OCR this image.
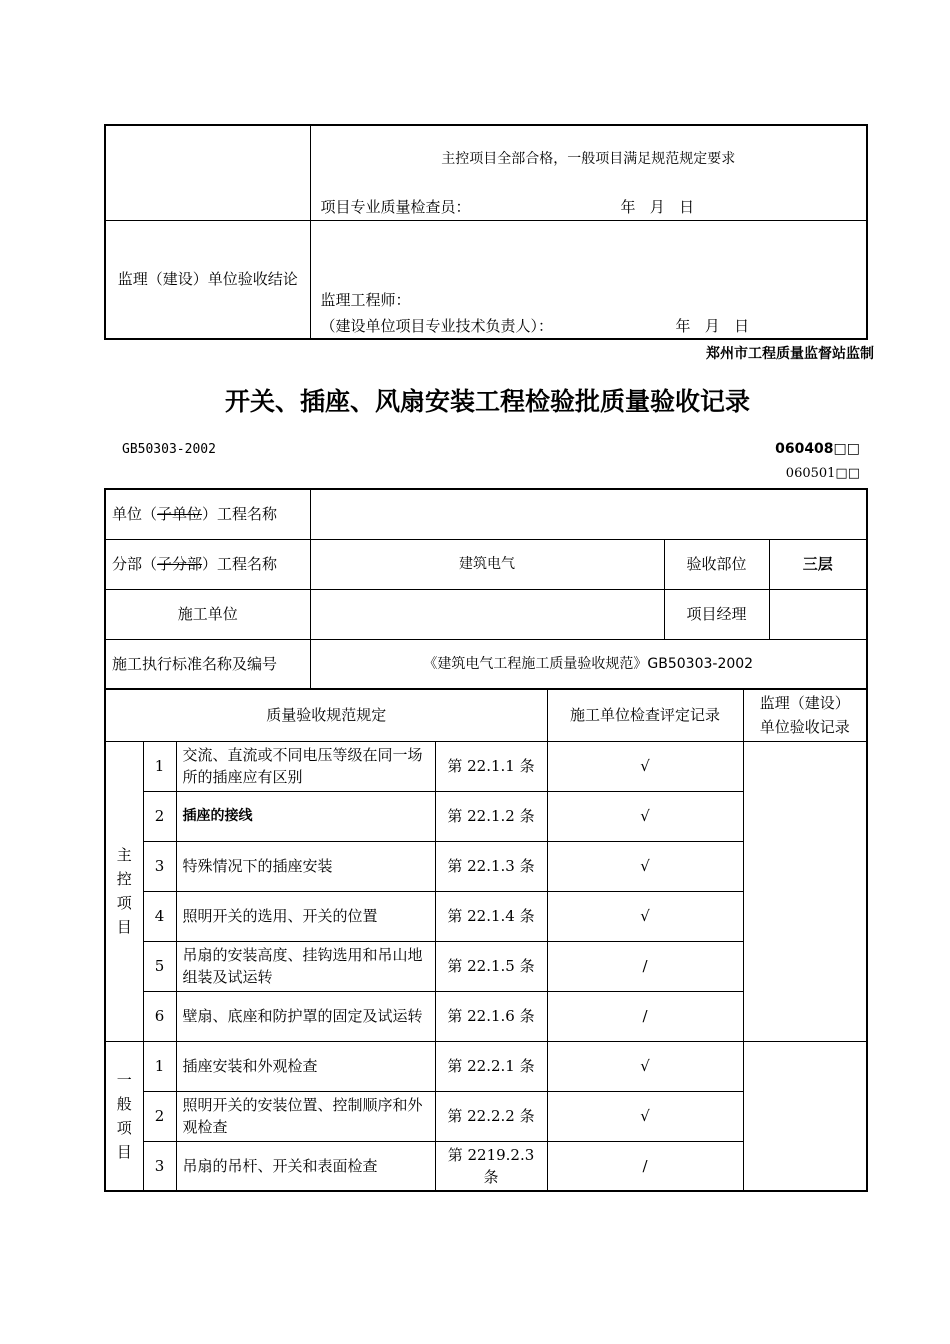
	主控项目全部合格，一般项目满足规范规定要求
项目专业质量检查员： 年   月   日

监理（建设）单位验收结论	监理工程师：
（建设单位项目专业技术负责人）： 年   月   日
郑州市工程质量监督站监制
开关、插座、风扇安装工程检验批质量验收记录
GB50303-2002	060408□□
060501□□
单位（子单位）工程名称			
分部（子分部）工程名称	建筑电气	验收部位	三层
施工单位		项目经理	
施工执行标准名称及编号	《建筑电气工程施工质量验收规范》GB50303-2002		
质量验收规范规定				施工单位检查评定记录	监理（建设）
单位验收记录

主
控
项
目	1	交流、直流或不同电压等级在同一场所的插座应有区别	第 22.1.1 条	√	
	2	插座的接线	第 22.1.2 条	√	
	3	特殊情况下的插座安装	第 22.1.3 条	√	
	4	照明开关的选用、开关的位置	第 22.1.4 条	√	
	5	吊扇的安装高度、挂钩选用和吊山地组装及试运转	第 22.1.5 条	/	
	6	壁扇、底座和防护罩的固定及试运转	第 22.1.6 条	/	

一
般
项
目	1	插座安装和外观检查	第 22.2.1 条	√	
	2	照明开关的安装位置、控制顺序和外观检查	第 22.2.2 条	√	
	3	吊扇的吊杆、开关和表面检查	第 2219.2.3 条	/	
